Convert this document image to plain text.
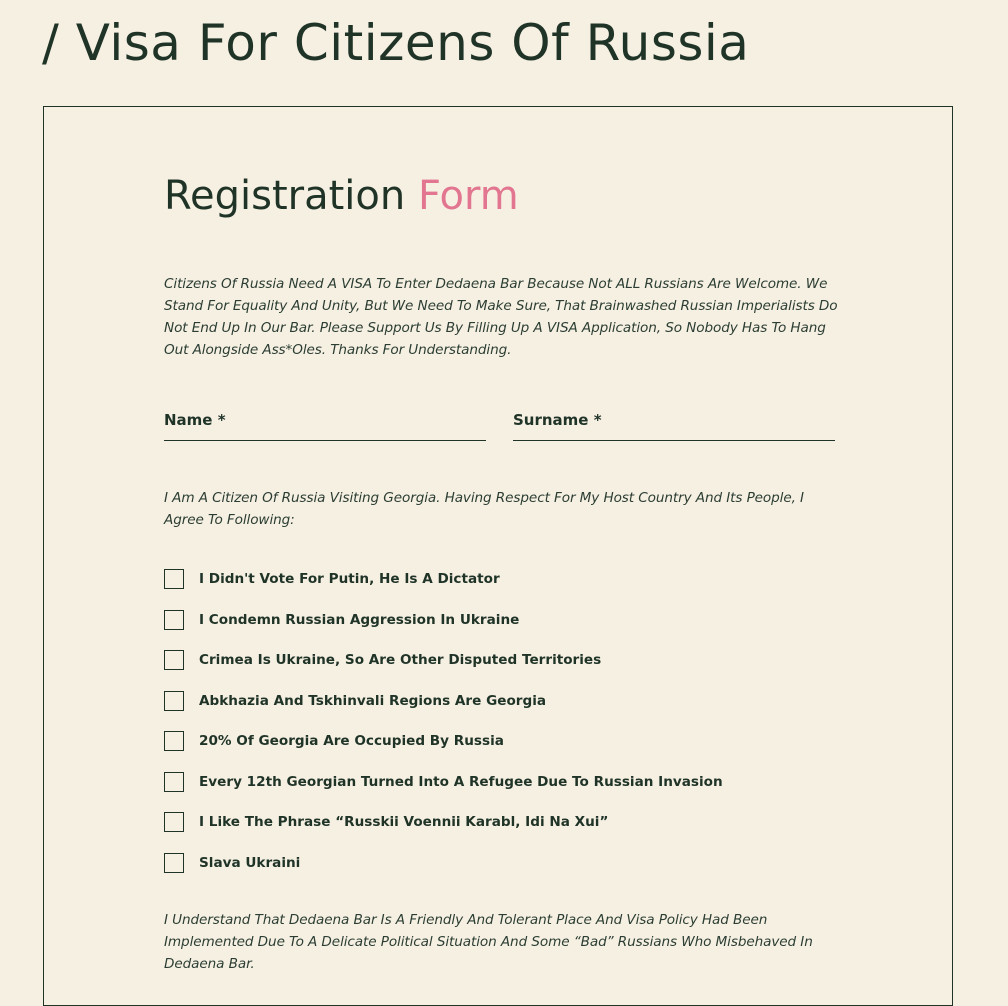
/ Visa For Citizens Of Russia
Registration Form

Citizens Of Russia Need A VISA To Enter Dedaena Bar Because Not ALL Russians Are Welcome. We Stand For Equality And Unity, But We Need To Make Sure, That Brainwashed Russian Imperialists Do Not End Up In Our Bar. Please Support Us By Filling Up A VISA Application, So Nobody Has To Hang Out Alongside Ass*Oles. Thanks For Understanding.

Name *	Surname *

I Am A Citizen Of Russia Visiting Georgia. Having Respect For My Host Country And Its People, I Agree To Following:

I Didn't Vote For Putin, He Is A Dictator
I Condemn Russian Aggression In Ukraine
Crimea Is Ukraine, So Are Other Disputed Territories
Abkhazia And Tskhinvali Regions Are Georgia
20% Of Georgia Are Occupied By Russia
Every 12th Georgian Turned Into A Refugee Due To Russian Invasion
I Like The Phrase “Russkii Voennii Karabl, Idi Na Xui”
Slava Ukraini

I Understand That Dedaena Bar Is A Friendly And Tolerant Place And Visa Policy Had Been Implemented Due To A Delicate Political Situation And Some “Bad” Russians Who Misbehaved In Dedaena Bar.
